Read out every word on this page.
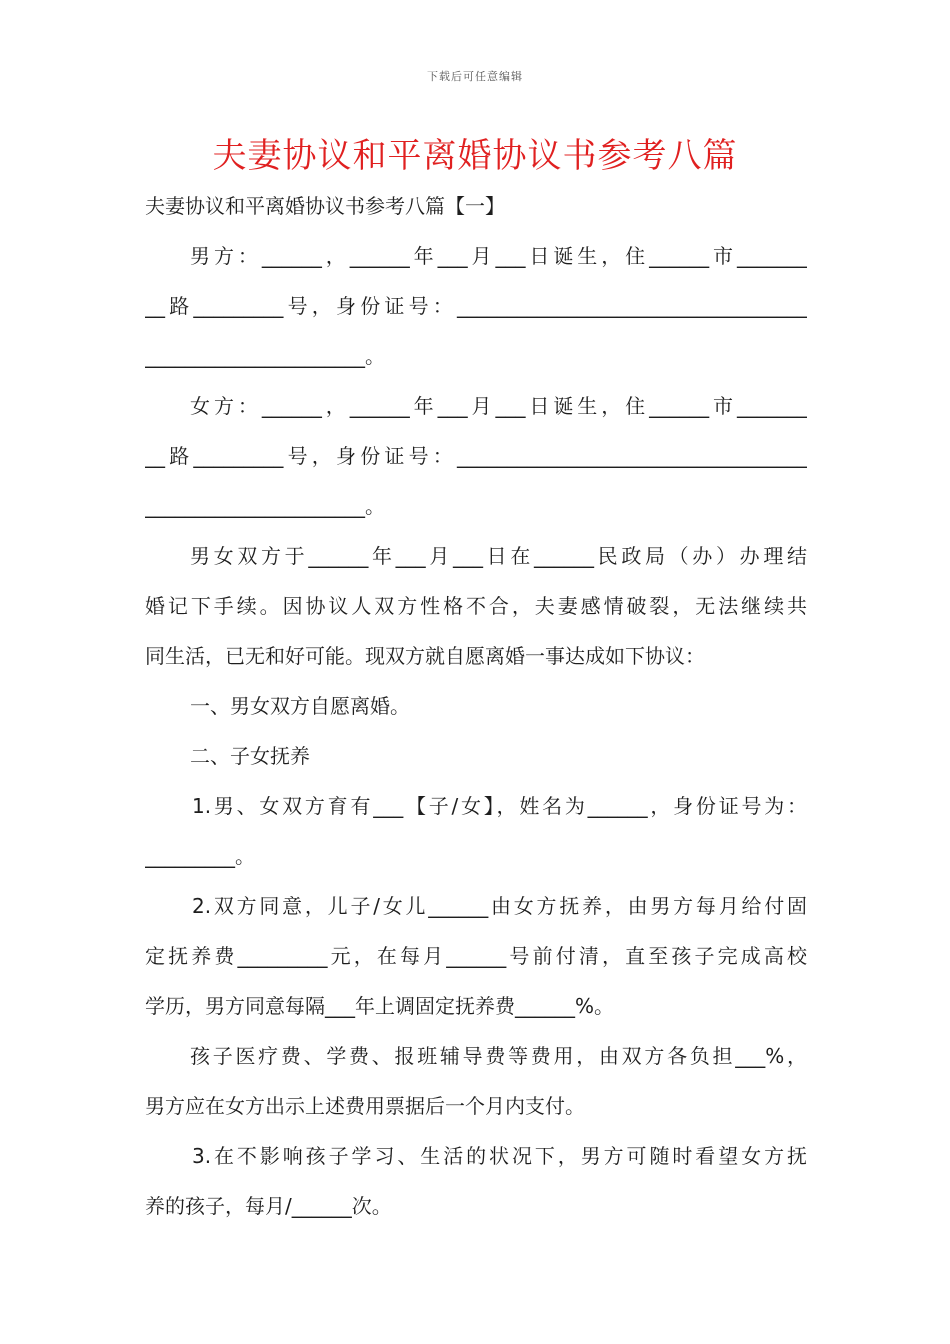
下载后可任意编辑
夫妻协议和平离婚协议书参考八篇
夫妻协议和平离婚协议书参考八篇【一】
男方：______，______年___月___日诞生，住______市_______
__路_________号，身份证号：___________________________________
______________________。
女方：______，______年___月___日诞生，住______市_______
__路_________号，身份证号：___________________________________
______________________。
男女双方于______年___月___日在______民政局（办）办理结
婚记下手续。因协议人双方性格不合，夫妻感情破裂，无法继续共
同生活，已无和好可能。现双方就自愿离婚一事达成如下协议：
一、男女双方自愿离婚。
二、子女抚养
1.男、女双方育有___【子/女】，姓名为______，身份证号为：
_________。
2.双方同意，儿子/女儿______由女方抚养，由男方每月给付固
定抚养费_________元，在每月______号前付清，直至孩子完成高校
学历，男方同意每隔___年上调固定抚养费______%。
孩子医疗费、学费、报班辅导费等费用，由双方各负担___%，
男方应在女方出示上述费用票据后一个月内支付。
3.在不影响孩子学习、生活的状况下，男方可随时看望女方抚
养的孩子，每月/______次。
